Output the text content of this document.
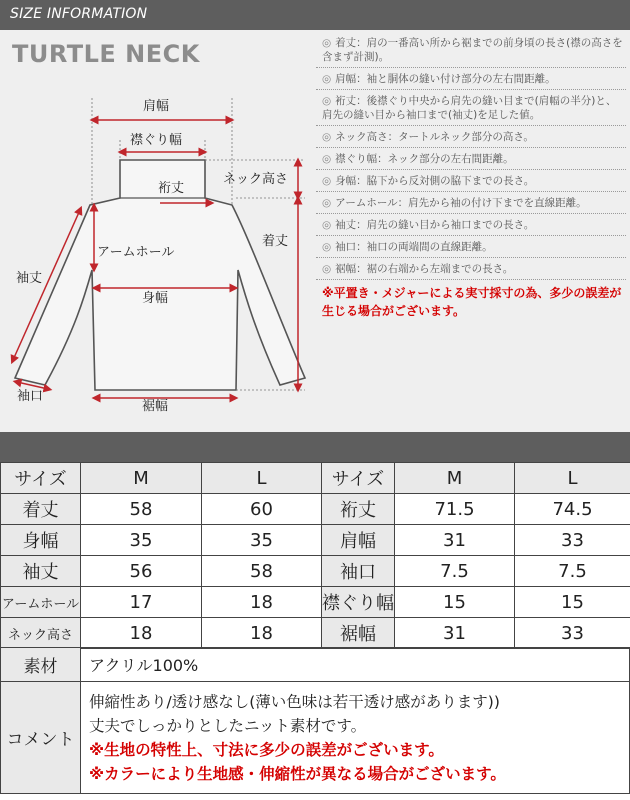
SIZE INFORMATION
TURTLE NECK
肩幅
襟ぐり幅
裄丈
ネック高さ
着丈
アームホール
袖丈
身幅
袖口
裾幅
◎ 着丈：肩の一番高い所から裾までの前身頃の長さ(襟の高さを含まず計測)。
◎ 肩幅：袖と胴体の縫い付け部分の左右間距離。
◎ 裄丈：後襟ぐり中央から肩先の縫い目まで(肩幅の半分)と、肩先の縫い目から袖口まで(袖丈)を足した値。
◎ ネック高さ：タートルネック部分の高さ。
◎ 襟ぐり幅：ネック部分の左右間距離。
◎ 身幅：脇下から反対側の脇下までの長さ。
◎ アームホール：肩先から袖の付け下までを直線距離。
◎ 袖丈：肩先の縫い目から袖口までの長さ。
◎ 袖口：袖口の両端間の直線距離。
◎ 裾幅：裾の右端から左端までの長さ。
※平置き・メジャーによる実寸採寸の為、多少の誤差が生じる場合がございます。
サイズ	M	L	サイズ	M	L
着丈	58	60	裄丈	71.5	74.5
身幅	35	35	肩幅	31	33
袖丈	56	58	袖口	7.5	7.5
アームホール	17	18	襟ぐり幅	15	15
ネック高さ	18	18	裾幅	31	33
素材	アクリル100%
コメント	伸縮性あり/透け感なし(薄い色味は若干透け感があります))
丈夫でしっかりとしたニット素材です。
※生地の特性上、寸法に多少の誤差がございます。
※カラーにより生地感・伸縮性が異なる場合がございます。
